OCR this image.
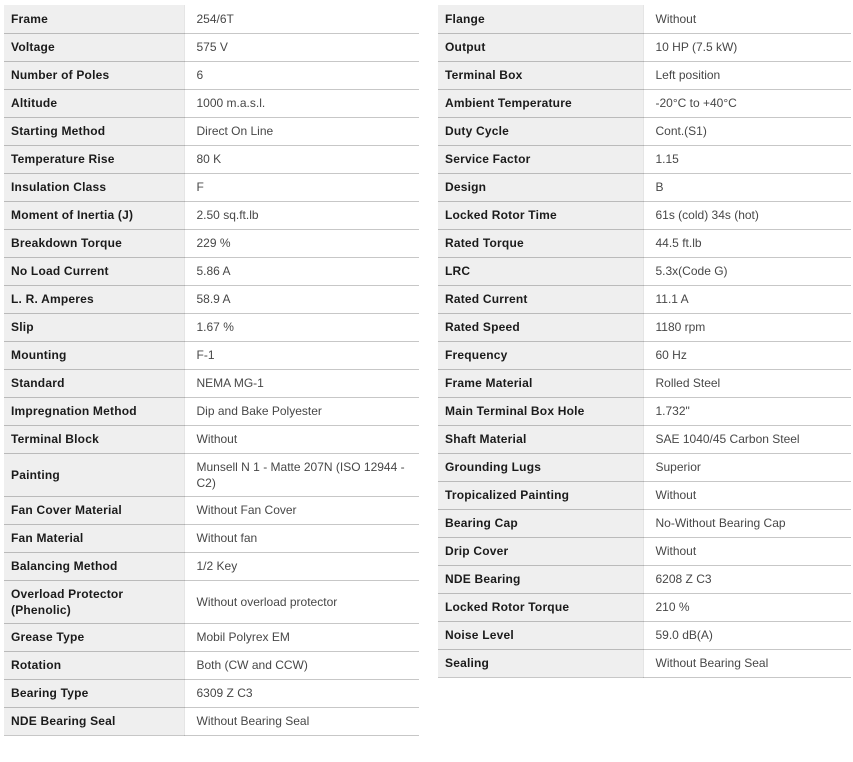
Frame	254/6T
Voltage	575 V
Number of Poles	6
Altitude	1000 m.a.s.l.
Starting Method	Direct On Line
Temperature Rise	80 K
Insulation Class	F
Moment of Inertia (J)	2.50 sq.ft.lb
Breakdown Torque	229 %
No Load Current	5.86 A
L. R. Amperes	58.9 A
Slip	1.67 %
Mounting	F-1
Standard	NEMA MG-1
Impregnation Method	Dip and Bake Polyester
Terminal Block	Without
Painting	Munsell N 1 - Matte 207N (ISO 12944 - C2)
Fan Cover Material	Without Fan Cover
Fan Material	Without fan
Balancing Method	1/2 Key
Overload Protector (Phenolic)	Without overload protector
Grease Type	Mobil Polyrex EM
Rotation	Both (CW and CCW)
Bearing Type	6309 Z C3
NDE Bearing Seal	Without Bearing Seal
Flange	Without
Output	10 HP (7.5 kW)
Terminal Box	Left position
Ambient Temperature	-20°C to +40°C
Duty Cycle	Cont.(S1)
Service Factor	1.15
Design	B
Locked Rotor Time	61s (cold) 34s (hot)
Rated Torque	44.5 ft.lb
LRC	5.3x(Code G)
Rated Current	11.1 A
Rated Speed	1180 rpm
Frequency	60 Hz
Frame Material	Rolled Steel
Main Terminal Box Hole	1.732"
Shaft Material	SAE 1040/45 Carbon Steel
Grounding Lugs	Superior
Tropicalized Painting	Without
Bearing Cap	No-Without Bearing Cap
Drip Cover	Without
NDE Bearing	6208 Z C3
Locked Rotor Torque	210 %
Noise Level	59.0 dB(A)
Sealing	Without Bearing Seal
